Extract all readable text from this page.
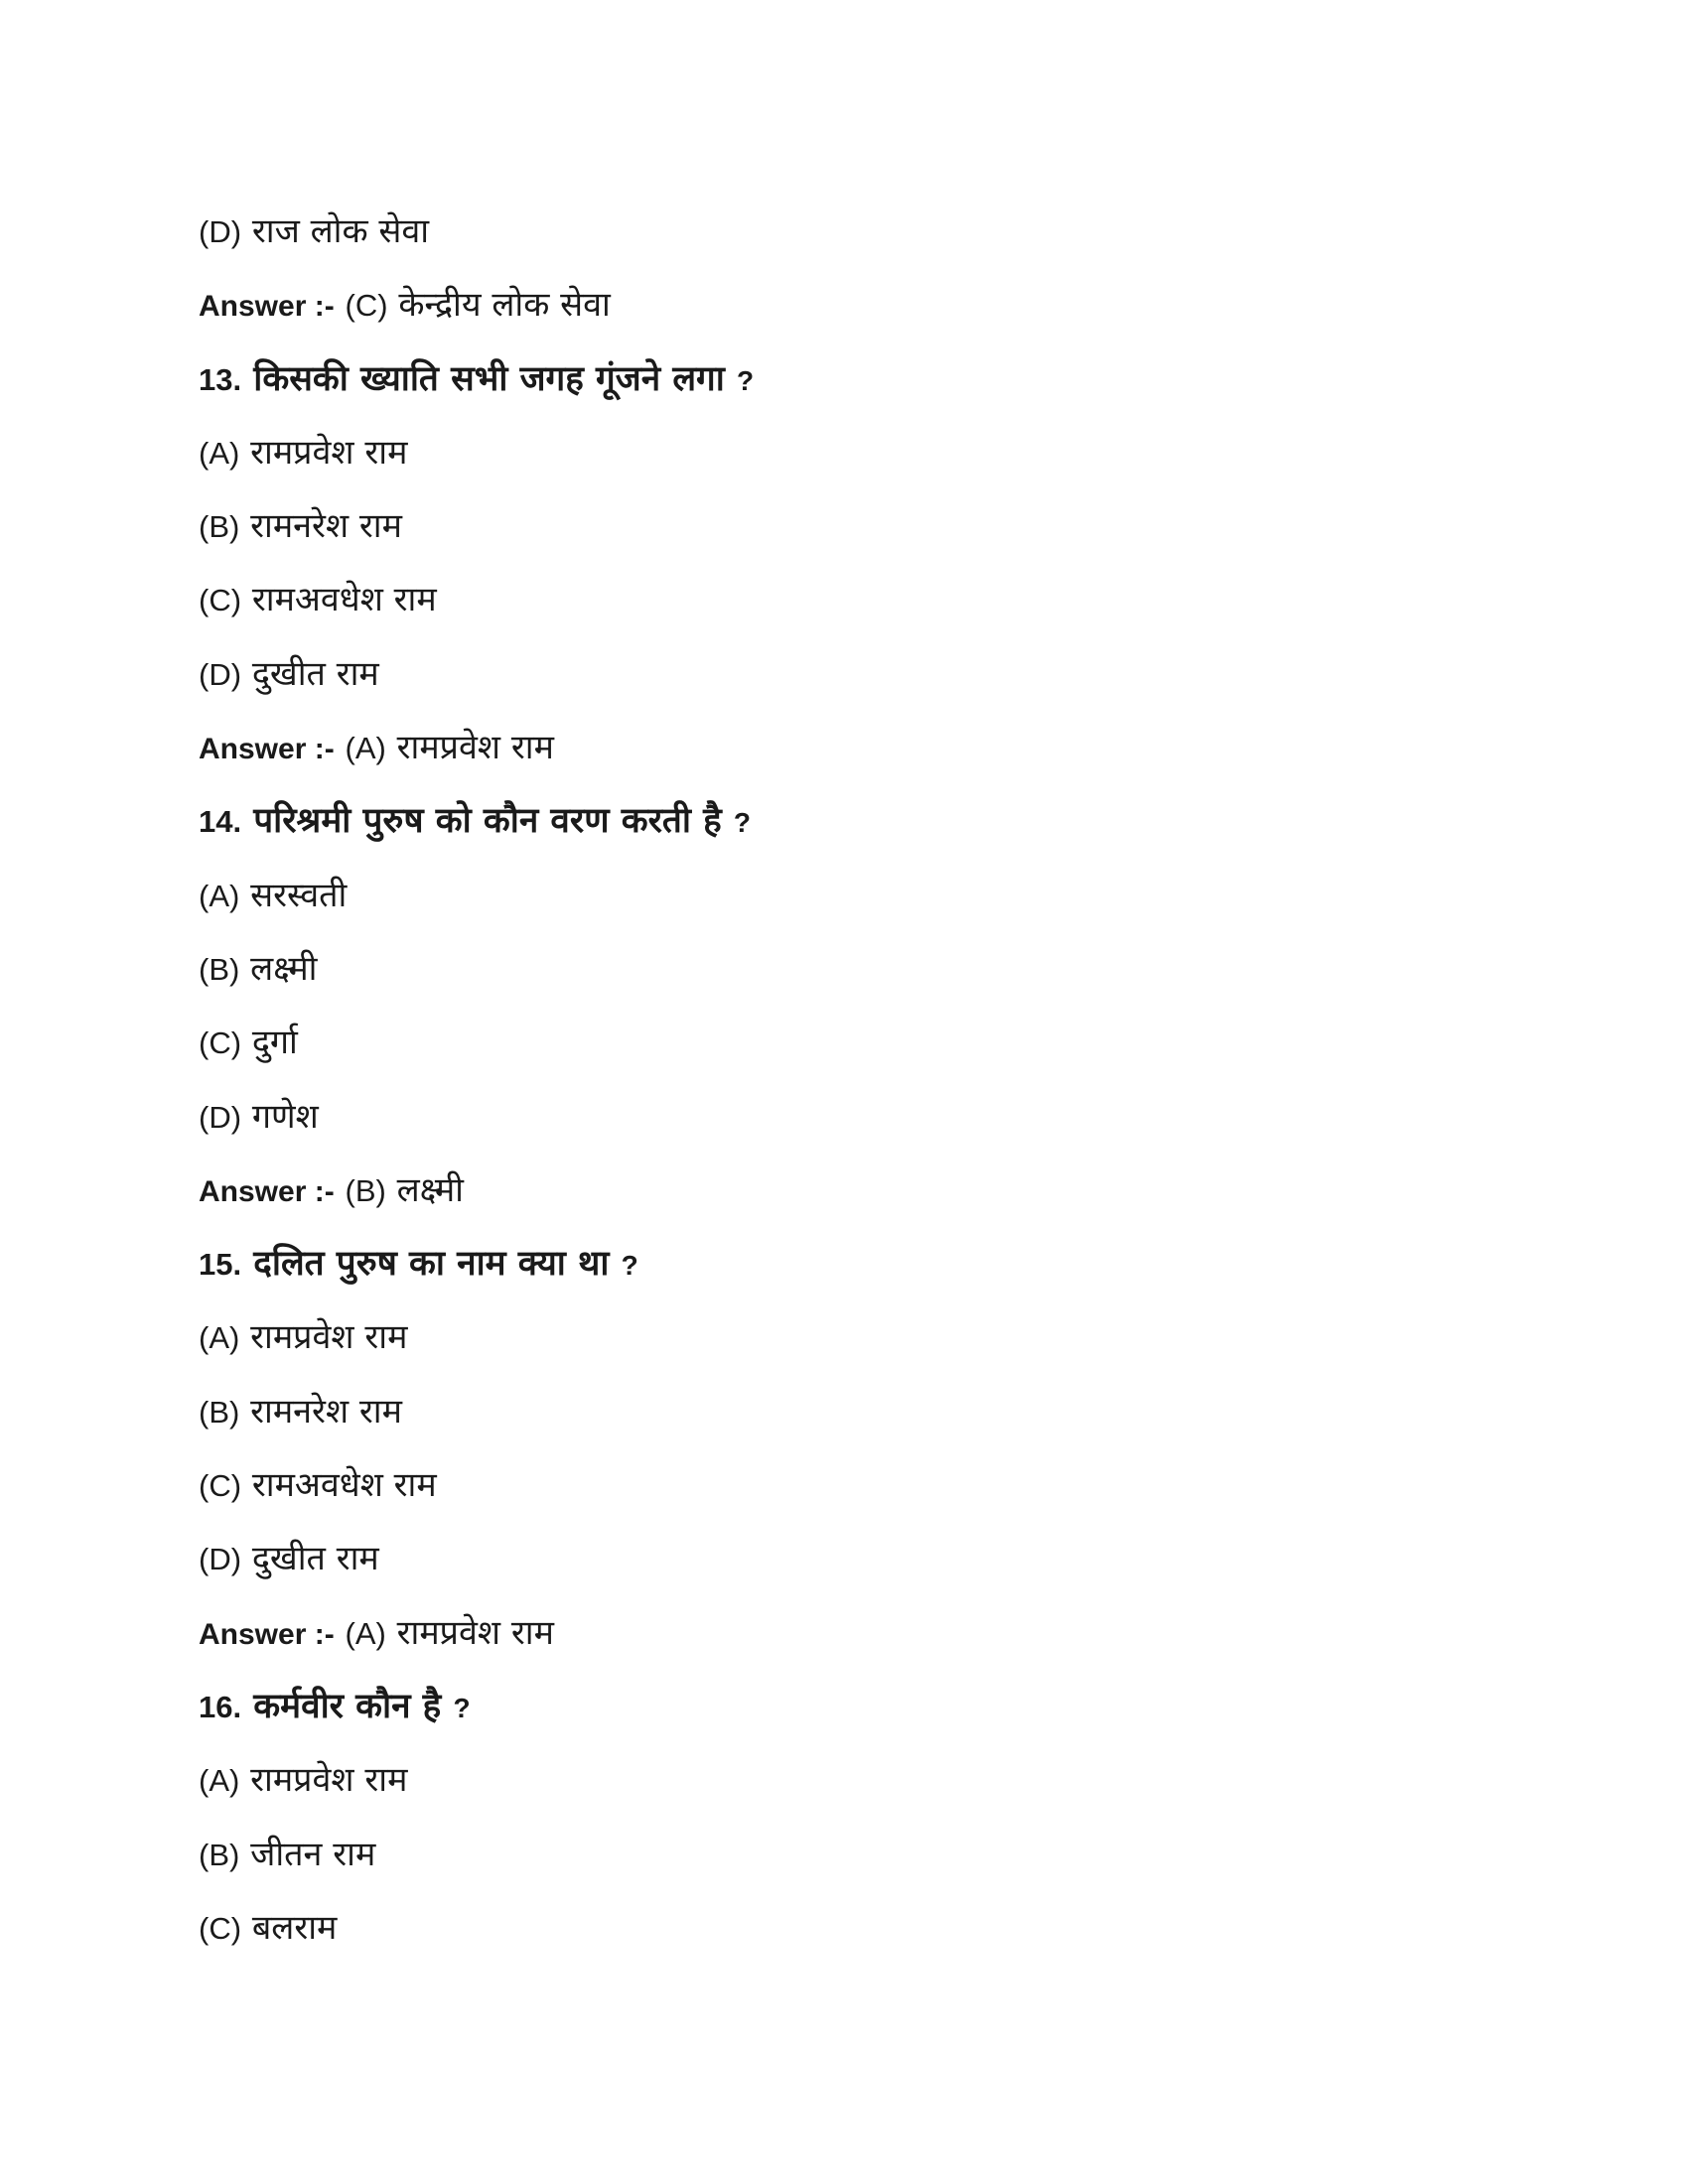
(D) राज लोक सेवा
Answer :- (C) केन्द्रीय लोक सेवा
13. किसकी ख्याति सभी जगह गूंजने लगा ?
(A) रामप्रवेश राम
(B) रामनरेश राम
(C) रामअवधेश राम
(D) दुखीत राम
Answer :- (A) रामप्रवेश राम
14. परिश्रमी पुरुष को कौन वरण करती है ?
(A) सरस्वती
(B) लक्ष्मी
(C) दुर्गा
(D) गणेश
Answer :- (B) लक्ष्मी
15. दलित पुरुष का नाम क्या था ?
(A) रामप्रवेश राम
(B) रामनरेश राम
(C) रामअवधेश राम
(D) दुखीत राम
Answer :- (A) रामप्रवेश राम
16. कर्मवीर कौन है ?
(A) रामप्रवेश राम
(B) जीतन राम
(C) बलराम
